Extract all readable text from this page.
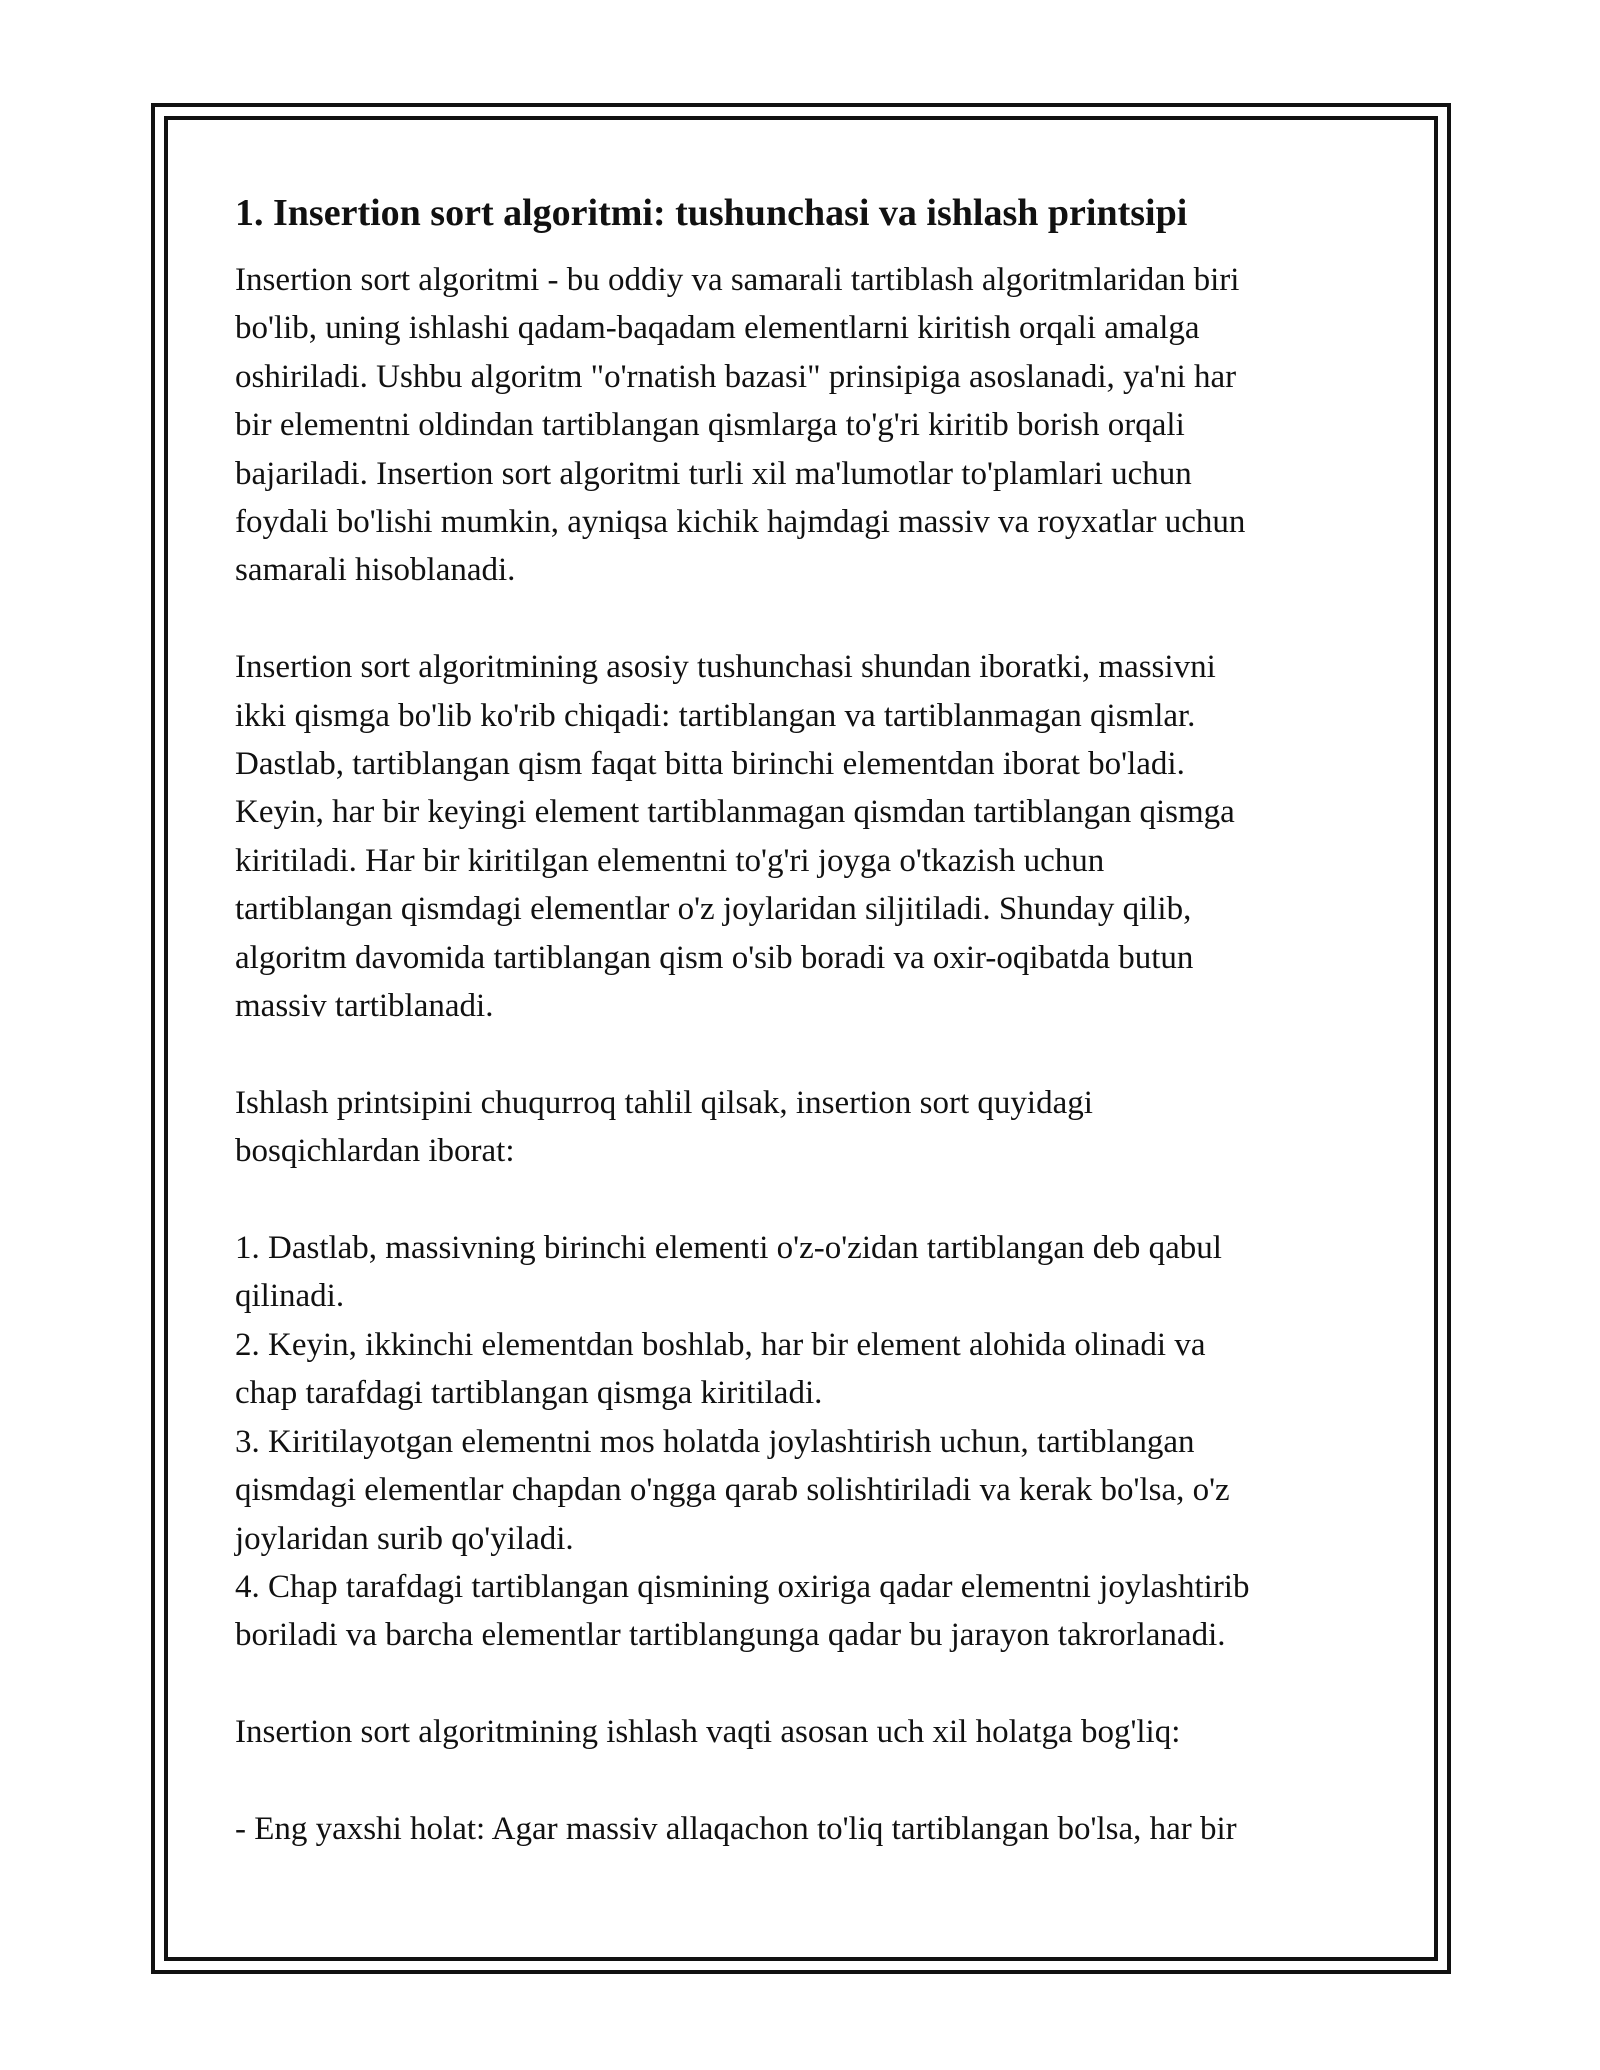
1. Insertion sort algoritmi: tushunchasi va ishlash printsipi

Insertion sort algoritmi - bu oddiy va samarali tartiblash algoritmlaridan biri
bo'lib, uning ishlashi qadam-baqadam elementlarni kiritish orqali amalga
oshiriladi. Ushbu algoritm "o'rnatish bazasi" prinsipiga asoslanadi, ya'ni har
bir elementni oldindan tartiblangan qismlarga to'g'ri kiritib borish orqali
bajariladi. Insertion sort algoritmi turli xil ma'lumotlar to'plamlari uchun
foydali bo'lishi mumkin, ayniqsa kichik hajmdagi massiv va royxatlar uchun
samarali hisoblanadi.

Insertion sort algoritmining asosiy tushunchasi shundan iboratki, massivni
ikki qismga bo'lib ko'rib chiqadi: tartiblangan va tartiblanmagan qismlar.
Dastlab, tartiblangan qism faqat bitta birinchi elementdan iborat bo'ladi.
Keyin, har bir keyingi element tartiblanmagan qismdan tartiblangan qismga
kiritiladi. Har bir kiritilgan elementni to'g'ri joyga o'tkazish uchun
tartiblangan qismdagi elementlar o'z joylaridan siljitiladi. Shunday qilib,
algoritm davomida tartiblangan qism o'sib boradi va oxir-oqibatda butun
massiv tartiblanadi.

Ishlash printsipini chuqurroq tahlil qilsak, insertion sort quyidagi
bosqichlardan iborat:

1. Dastlab, massivning birinchi elementi o'z-o'zidan tartiblangan deb qabul
qilinadi.
2. Keyin, ikkinchi elementdan boshlab, har bir element alohida olinadi va
chap tarafdagi tartiblangan qismga kiritiladi.
3. Kiritilayotgan elementni mos holatda joylashtirish uchun, tartiblangan
qismdagi elementlar chapdan o'ngga qarab solishtiriladi va kerak bo'lsa, o'z
joylaridan surib qo'yiladi.
4. Chap tarafdagi tartiblangan qismining oxiriga qadar elementni joylashtirib
boriladi va barcha elementlar tartiblangunga qadar bu jarayon takrorlanadi.

Insertion sort algoritmining ishlash vaqti asosan uch xil holatga bog'liq:

- Eng yaxshi holat: Agar massiv allaqachon to'liq tartiblangan bo'lsa, har bir
